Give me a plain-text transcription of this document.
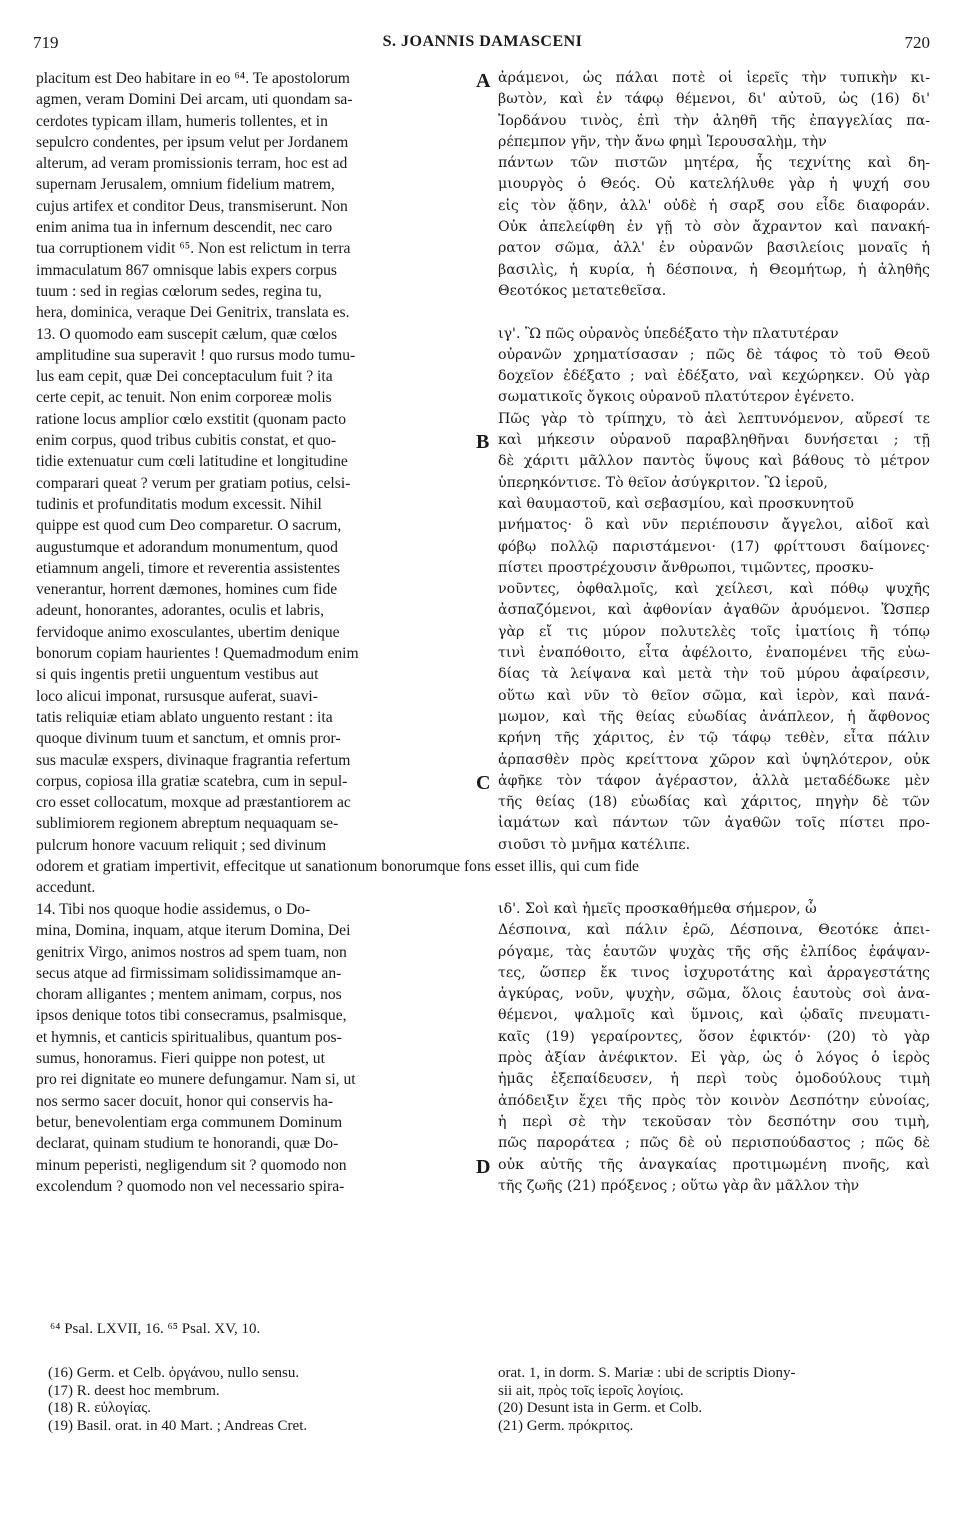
719	S. JOANNIS DAMASCENI	720
placitum est Deo habitare in eo ⁶⁴. Te apostolorum
agmen, veram Domini Dei arcam, uti quondam sa-
cerdotes typicam illam, humeris tollentes, et in
sepulcro condentes, per ipsum velut per Jordanem
alterum, ad veram promissionis terram, hoc est ad
supernam Jerusalem, omnium fidelium matrem,
cujus artifex et conditor Deus, transmiserunt. Non
enim anima tua in infernum descendit, nec caro
tua corruptionem vidit ⁶⁵. Non est relictum in terra
immaculatum 867 omnisque labis expers corpus
tuum : sed in regias cœlorum sedes, regina tu,
hera, dominica, veraque Dei Genitrix, translata es.
13. O quomodo eam suscepit cælum, quæ cœlos
amplitudine sua superavit ! quo rursus modo tumu-
lus eam cepit, quæ Dei conceptaculum fuit ? ita
certe cepit, ac tenuit. Non enim corporeæ molis
ratione locus amplior cœlo exstitit (quonam pacto
enim corpus, quod tribus cubitis constat, et quo-
tidie extenuatur cum cœli latitudine et longitudine
comparari queat ? verum per gratiam potius, celsi-
tudinis et profunditatis modum excessit. Nihil
quippe est quod cum Deo comparetur. O sacrum,
augustumque et adorandum monumentum, quod
etiamnum angeli, timore et reverentia assistentes
venerantur, horrent dæmones, homines cum fide
adeunt, honorantes, adorantes, oculis et labris,
fervidoque animo exosculantes, ubertim denique
bonorum copiam haurientes ! Quemadmodum enim
si quis ingentis pretii unguentum vestibus aut
loco alicui imponat, rursusque auferat, suavi-
tatis reliquiæ etiam ablato unguento restant : ita
quoque divinum tuum et sanctum, et omnis pror-
sus maculæ exspers, divinaque fragrantia refertum
corpus, copiosa illa gratiæ scatebra, cum in sepul-
cro esset collocatum, moxque ad præstantiorem ac
sublimiorem regionem abreptum nequaquam se-
pulcrum honore vacuum reliquit ; sed divinum
ἀράμενοι, ὡς πάλαι ποτὲ οἱ ἱερεῖς τὴν τυπικὴν κι-
βωτὸν, καὶ ἐν τάφῳ θέμενοι, δι' αὐτοῦ, ὡς (16) δι'
Ἰορδάνου τινὸς, ἐπὶ τὴν ἀληθῆ τῆς ἐπαγγελίας πα-
ρέπεμπον γῆν, τὴν ἄνω φημὶ Ἱερουσαλὴμ, τὴν
πάντων τῶν πιστῶν μητέρα, ἧς τεχνίτης καὶ δη-
μιουργὸς ὁ Θεός. Οὐ κατελήλυθε γὰρ ἡ ψυχή σου
εἰς τὸν ᾅδην, ἀλλ' οὐδὲ ἡ σαρξ σου εἶδε διαφοράν.
Οὐκ ἀπελείφθη ἐν γῇ τὸ σὸν ἄχραντον καὶ πανακή-
ρατον σῶμα, ἀλλ' ἐν οὐρανῶν βασιλείοις μοναῖς ἡ
βασιλὶς, ἡ κυρία, ἡ δέσποινα, ἡ Θεομήτωρ, ἡ ἀληθῆς
Θεοτόκος μετατεθεῖσα.

ιγ'. Ὢ πῶς οὐρανὸς ὑπεδέξατο τὴν πλατυτέραν
οὐρανῶν χρηματίσασαν ; πῶς δὲ τάφος τὸ τοῦ Θεοῦ
δοχεῖον ἐδέξατο ; ναὶ ἐδέξατο, ναὶ κεχώρηκεν. Οὐ γὰρ
σωματικοῖς ὄγκοις οὐρανοῦ πλατύτερον ἐγένετο.
Πῶς γὰρ τὸ τρίπηχυ, τὸ ἀεὶ λεπτυνόμενον, αὔρεσί τε
καὶ μήκεσιν οὐρανοῦ παραβληθῆναι δυνήσεται ; τῇ
δὲ χάριτι μᾶλλον παντὸς ὕψους καὶ βάθους τὸ μέτρον
ὑπερηκόντισε. Τὸ θεῖον ἀσύγκριτον. Ὢ ἱεροῦ,
καὶ θαυμαστοῦ, καὶ σεβασμίου, καὶ προσκυνητοῦ
μνήματος· ὃ καὶ νῦν περιέπουσιν ἄγγελοι, αἰδοῖ καὶ
φόβῳ πολλῷ παριστάμενοι· (17) φρίττουσι δαίμονες·
πίστει προστρέχουσιν ἄνθρωποι, τιμῶντες, προσκυ-
νοῦντες, ὀφθαλμοῖς, καὶ χείλεσι, καὶ πόθῳ ψυχῆς
ἀσπαζόμενοι, καὶ ἀφθονίαν ἀγαθῶν ἀρυόμενοι. Ὥσπερ
γὰρ εἴ τις μύρον πολυτελὲς τοῖς ἱματίοις ἢ τόπῳ
τινὶ ἐναπόθοιτο, εἶτα ἀφέλοιτο, ἐναπομένει τῆς εὐω-
δίας τὰ λείψανα καὶ μετὰ τὴν τοῦ μύρου ἀφαίρεσιν,
οὕτω καὶ νῦν τὸ θεῖον σῶμα, καὶ ἱερὸν, καὶ πανά-
μωμον, καὶ τῆς θείας εὐωδίας ἀνάπλεον, ἡ ἄφθονος
κρήνη τῆς χάριτος, ἐν τῷ τάφῳ τεθὲν, εἶτα πάλιν
ἁρπασθὲν πρὸς κρείττονα χῶρον καὶ ὑψηλότερον, οὐκ
ἀφῆκε τὸν τάφον ἀγέραστον, ἀλλὰ μεταδέδωκε μὲν
τῆς θείας (18) εὐωδίας καὶ χάριτος, πηγὴν δὲ τῶν
ἰαμάτων καὶ πάντων τῶν ἀγαθῶν τοῖς πίστει προ-
σιοῦσι τὸ μνῆμα κατέλιπε.
A
B
C
D
odorem et gratiam impertivit, effecitque ut sanationum bonorumque fons esset illis, qui cum fide
accedunt.
14. Tibi nos quoque hodie assidemus, o Do-
mina, Domina, inquam, atque iterum Domina, Dei
genitrix Virgo, animos nostros ad spem tuam, non
secus atque ad firmissimam solidissimamque an-
choram alligantes ; mentem animam, corpus, nos
ipsos denique totos tibi consecramus, psalmisque,
et hymnis, et canticis spiritualibus, quantum pos-
sumus, honoramus. Fieri quippe non potest, ut
pro rei dignitate eo munere defungamur. Nam si, ut
nos sermo sacer docuit, honor qui conservis ha-
betur, benevolentiam erga communem Dominum
declarat, quinam studium te honorandi, quæ Do-
minum peperisti, negligendum sit ? quomodo non
excolendum ? quomodo non vel necessario spira-
ιδ'. Σοὶ καὶ ἡμεῖς προσκαθήμεθα σήμερον, ὦ
Δέσποινα, καὶ πάλιν ἐρῶ, Δέσποινα, Θεοτόκε ἀπει-
ρόγαμε, τὰς ἑαυτῶν ψυχὰς τῆς σῆς ἐλπίδος ἐφάψαν-
τες, ὥσπερ ἔκ τινος ἰσχυροτάτης καὶ ἀρραγεστάτης
ἀγκύρας, νοῦν, ψυχὴν, σῶμα, ὅλοις ἑαυτοὺς σοὶ ἀνα-
θέμενοι, ψαλμοῖς καὶ ὕμνοις, καὶ ᾠδαῖς πνευματι-
καῖς (19) γεραίροντες, ὅσον ἐφικτόν· (20) τὸ γὰρ
πρὸς ἀξίαν ἀνέφικτον. Εἰ γὰρ, ὡς ὁ λόγος ὁ ἱερὸς
ἡμᾶς ἐξεπαίδευσεν, ἡ περὶ τοὺς ὁμοδούλους τιμὴ
ἀπόδειξιν ἔχει τῆς πρὸς τὸν κοινὸν Δεσπότην εὐνοίας,
ἡ περὶ σὲ τὴν τεκοῦσαν τὸν δεσπότην σου τιμὴ,
πῶς παροράτεα ; πῶς δὲ οὐ περισπούδαστος ; πῶς δὲ
οὐκ αὐτῆς τῆς ἀναγκαίας προτιμωμένη πνοῆς, καὶ
τῆς ζωῆς (21) πρόξενος ; οὕτω γὰρ ἂν μᾶλλον τὴν
⁶⁴ Psal. LXVII, 16. ⁶⁵ Psal. XV, 10.
(16) Germ. et Celb. ὀργάνου, nullo sensu.
(17) R. deest hoc membrum.
(18) R. εὐλογίας.
(19) Basil. orat. in 40 Mart. ; Andreas Cret.
orat. 1, in dorm. S. Mariæ : ubi de scriptis Diony-
sii ait, πρὸς τοῖς ἱεροῖς λογίοις.
(20) Desunt ista in Germ. et Colb.
(21) Germ. πρόκριτος.
